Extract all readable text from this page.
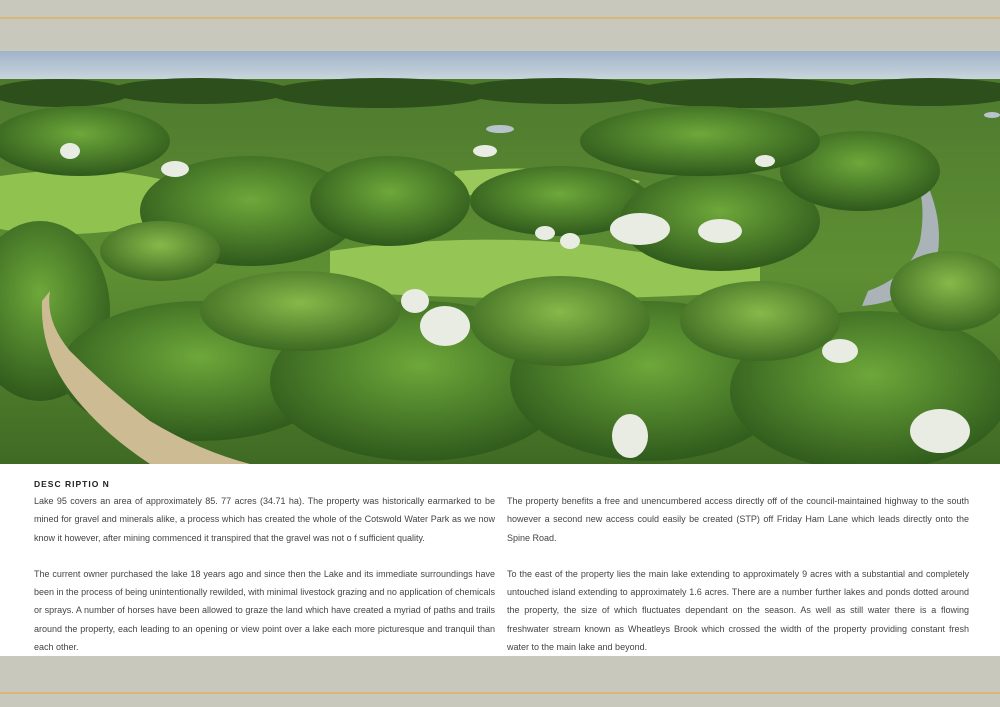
DESC RIPTIO N

Lake 95 covers an area of approximately 85. 77 acres (34.71 ha). The property was historically earmarked to be mined for gravel and minerals alike, a process which has created the whole of the Cotswold Water Park as we now know it however, after mining commenced it transpired that the gravel was not o f sufficient quality.

The current owner purchased the lake 18 years ago and since then the Lake and its immediate surroundings have been in the process of being unintentionally rewilded, with minimal livestock grazing and no application of chemicals or sprays. A number of horses have been allowed to graze the land which have created a myriad of paths and trails around the property, each leading to an opening or view point over a lake each more picturesque and tranquil than each other.

The property benefits a free and unencumbered access directly off of the council-maintained highway to the south however a second new access could easily be created (STP) off Friday Ham Lane which leads directly onto the Spine Road.

To the east of the property lies the main lake extending to approximately 9 acres with a substantial and completely untouched island extending to approximately 1.6 acres. There are a number further lakes and ponds dotted around the property, the size of which fluctuates dependant on the season. As well as still water there is a flowing freshwater stream known as Wheatleys Brook which crossed the width of the property providing constant fresh water to the main lake and beyond.
